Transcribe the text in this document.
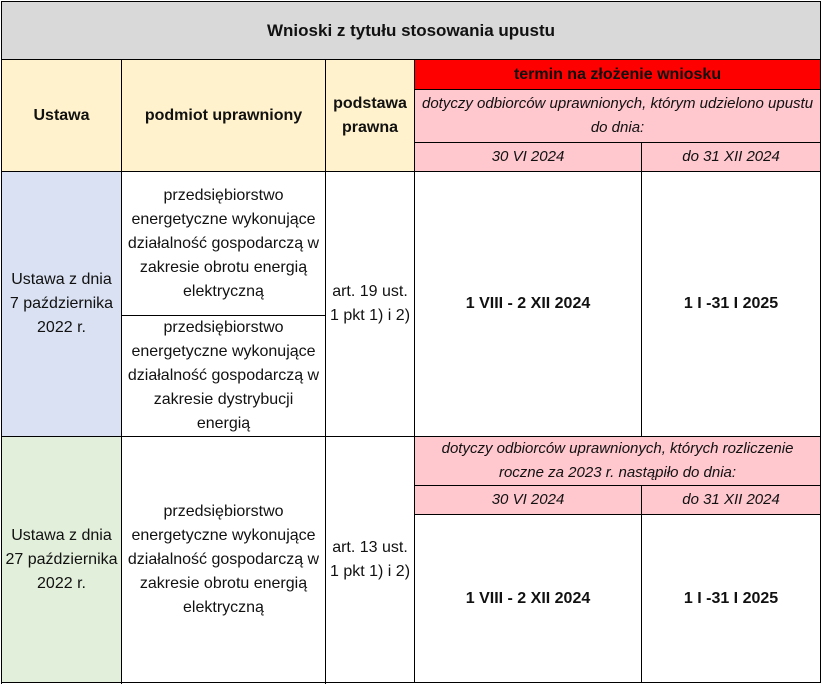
Wnioski z tytułu stosowania upustu				
Ustawa	podmiot uprawniony	podstawa prawna	termin na złożenie wniosku	
			dotyczy odbiorców uprawnionych, którym udzielono upustu do dnia:	
			30 VI 2024	do 31 XII 2024
Ustawa z dnia 7 października 2022 r.	przedsiębiorstwo energetyczne wykonujące działalność gospodarczą w zakresie obrotu energią elektryczną	art. 19 ust. 1 pkt 1) i 2)	1 VIII - 2 XII 2024	1 I -31 I 2025
	przedsiębiorstwo energetyczne wykonujące działalność gospodarczą w zakresie dystrybucji energią			
Ustawa z dnia 27 października 2022 r.	przedsiębiorstwo energetyczne wykonujące działalność gospodarczą w zakresie obrotu energią elektryczną	art. 13 ust. 1 pkt 1) i 2)	dotyczy odbiorców uprawnionych, których rozliczenie roczne za 2023 r. nastąpiło do dnia:	
			30 VI 2024	do 31 XII 2024
			1 VIII - 2 XII 2024	1 I -31 I 2025
